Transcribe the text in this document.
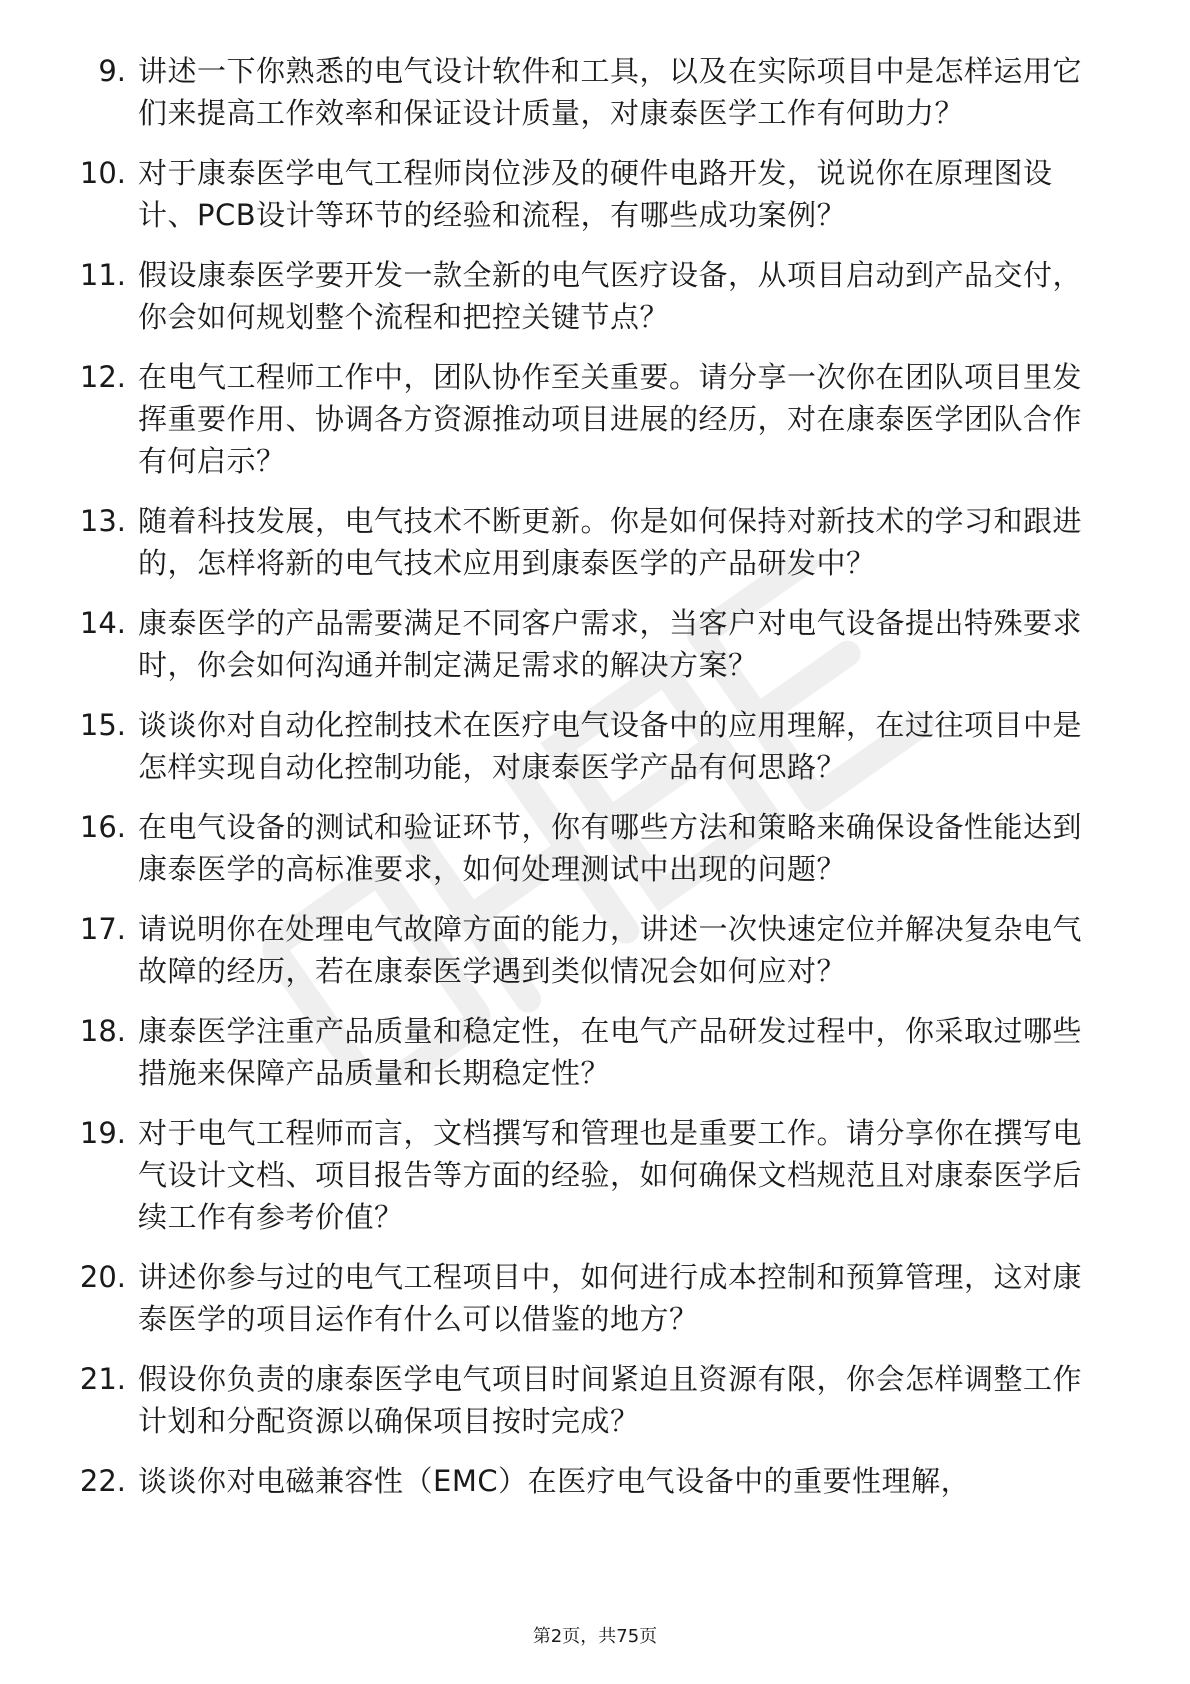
9. 讲述一下你熟悉的电气设计软件和工具，以及在实际项目中是怎样运用它们来提高工作效率和保证设计质量，对康泰医学工作有何助力？
10. 对于康泰医学电气工程师岗位涉及的硬件电路开发，说说你在原理图设计、PCB设计等环节的经验和流程，有哪些成功案例？
11. 假设康泰医学要开发一款全新的电气医疗设备，从项目启动到产品交付，你会如何规划整个流程和把控关键节点？
12. 在电气工程师工作中，团队协作至关重要。请分享一次你在团队项目里发挥重要作用、协调各方资源推动项目进展的经历，对在康泰医学团队合作有何启示？
13. 随着科技发展，电气技术不断更新。你是如何保持对新技术的学习和跟进的，怎样将新的电气技术应用到康泰医学的产品研发中？
14. 康泰医学的产品需要满足不同客户需求，当客户对电气设备提出特殊要求时，你会如何沟通并制定满足需求的解决方案？
15. 谈谈你对自动化控制技术在医疗电气设备中的应用理解，在过往项目中是怎样实现自动化控制功能，对康泰医学产品有何思路？
16. 在电气设备的测试和验证环节，你有哪些方法和策略来确保设备性能达到康泰医学的高标准要求，如何处理测试中出现的问题？
17. 请说明你在处理电气故障方面的能力，讲述一次快速定位并解决复杂电气故障的经历，若在康泰医学遇到类似情况会如何应对？
18. 康泰医学注重产品质量和稳定性，在电气产品研发过程中，你采取过哪些措施来保障产品质量和长期稳定性？
19. 对于电气工程师而言，文档撰写和管理也是重要工作。请分享你在撰写电气设计文档、项目报告等方面的经验，如何确保文档规范且对康泰医学后续工作有参考价值？
20. 讲述你参与过的电气工程项目中，如何进行成本控制和预算管理，这对康泰医学的项目运作有什么可以借鉴的地方？
21. 假设你负责的康泰医学电气项目时间紧迫且资源有限，你会怎样调整工作计划和分配资源以确保项目按时完成？
22. 谈谈你对电磁兼容性（EMC）在医疗电气设备中的重要性理解，
第2页，共75页
